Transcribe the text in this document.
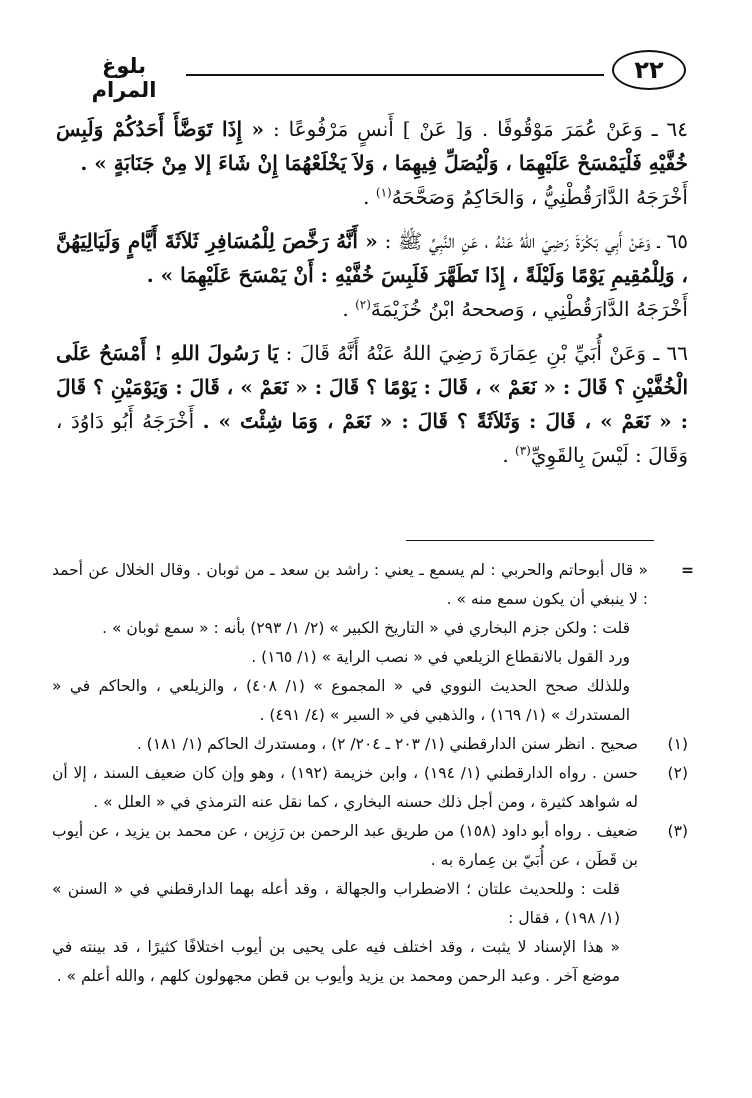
٢٢
بلوغ المرام

٦٤ ـ وَعَنْ عُمَرَ مَوْقُوفًا . وَ[ عَنْ ] أَنسٍ مَرْفُوعًا : « إِذَا تَوَضَّأَ أَحَدُكُمْ وَلَبِسَ خُفَّيْهِ فَلْيَمْسَحْ عَلَيْهِمَا ، وَلْيُصَلِّ فِيهِمَا ، وَلاَ يَخْلَعْهُمَا إِنْ شَاءَ إلا مِنْ جَنَابَةٍ » .

أَخْرَجَهُ الدَّارَقُطْنِيُّ ، وَالحَاكِمُ وَصَحَّحَهُ$^{(١)}$ .

٦٥ ـ وَعَنْ أَبِي بَكْرَةَ رَضِيَ اللهُ عَنْهُ ، عَنِ النَّبِيِّ ﷺ : « أَنَّهُ رَخَّصَ لِلْمُسَافِرِ ثَلاَثَةَ أَيَّامٍ وَلَيَالِيَهُنَّ ، وَلِلْمُقِيمِ يَوْمًا وَلَيْلَةً ، إِذَا تَطَهَّرَ فَلَبِسَ خُفَّيْهِ : أَنْ يَمْسَحَ عَلَيْهِمَا » .

أَخْرَجَهُ الدَّارَقُطْنِي ، وَصححهُ ابْنُ خُزَيْمَةَ$^{(٢)}$ .

٦٦ ـ وَعَنْ أُبَيِّ بْنِ عِمَارَةَ رَضِيَ اللهُ عَنْهُ أَنَّهُ قَالَ : يَا رَسُولَ اللهِ ! أَمْسَحُ عَلَى الْخُفَّيْنِ ؟ قَالَ : « نَعَمْ » ، قَالَ : يَوْمًا ؟ قَالَ : « نَعَمْ » ، قَالَ : وَيَوْمَيْنِ ؟ قَالَ : « نَعَمْ » ، قَالَ : وَثَلاَثَةً ؟ قَالَ : « نَعَمْ ، وَمَا شِئْتَ » . أَخْرَجَهُ أَبُو دَاوُدَ ، وَقَالَ : لَيْسَ بِالقَوِيِّ$^{(٣)}$ .

=

« قال أبوحاتم والحربي : لم يسمع ـ يعني : راشد بن سعد ـ من ثوبان . وقال الخلال عن أحمد : لا ينبغي أن يكون سمع منه » .

قلت : ولكن جزم البخاري في « التاريخ الكبير » (٢/ ١/ ٢٩٣) بأنه : « سمع ثوبان » .

ورد القول بالانقطاع الزيلعي في « نصب الراية » (١/ ١٦٥) .

وللذلك صحح الحديث النووي في « المجموع » (١/ ٤٠٨) ، والزيلعي ، والحاكم في « المستدرك » (١/ ١٦٩) ، والذهبي في « السير » (٤/ ٤٩١) .

(١)

صحيح . انظر سنن الدارقطني (١/ ٢٠٣ ـ ٢٠٤/ ٢) ، ومستدرك الحاكم (١/ ١٨١) .

(٢)

حسن . رواه الدارقطني (١/ ١٩٤) ، وابن خزيمة (١٩٢) ، وهو وإن كان ضعيف السند ، إلا أن له شواهد كثيرة ، ومن أجل ذلك حسنه البخاري ، كما نقل عنه الترمذي في « العلل » .

(٣)

ضعيف . رواه أبو داود (١٥٨) من طريق عبد الرحمن بن رَزِين ، عن محمد بن يزيد ، عن أيوب بن قَطَن ، عن أُبَيّ بن عِمارة به .

قلت : وللحديث علتان ؛ الاضطراب والجهالة ، وقد أعله بهما الدارقطني في « السنن » (١/ ١٩٨) ، فقال :

« هذا الإسناد لا يثبت ، وقد اختلف فيه على يحيى بن أيوب اختلافًا كثيرًا ، قد بينته في موضع آخر . وعبد الرحمن ومحمد بن يزيد وأيوب بن قطن مجهولون كلهم ، والله أعلم » .
